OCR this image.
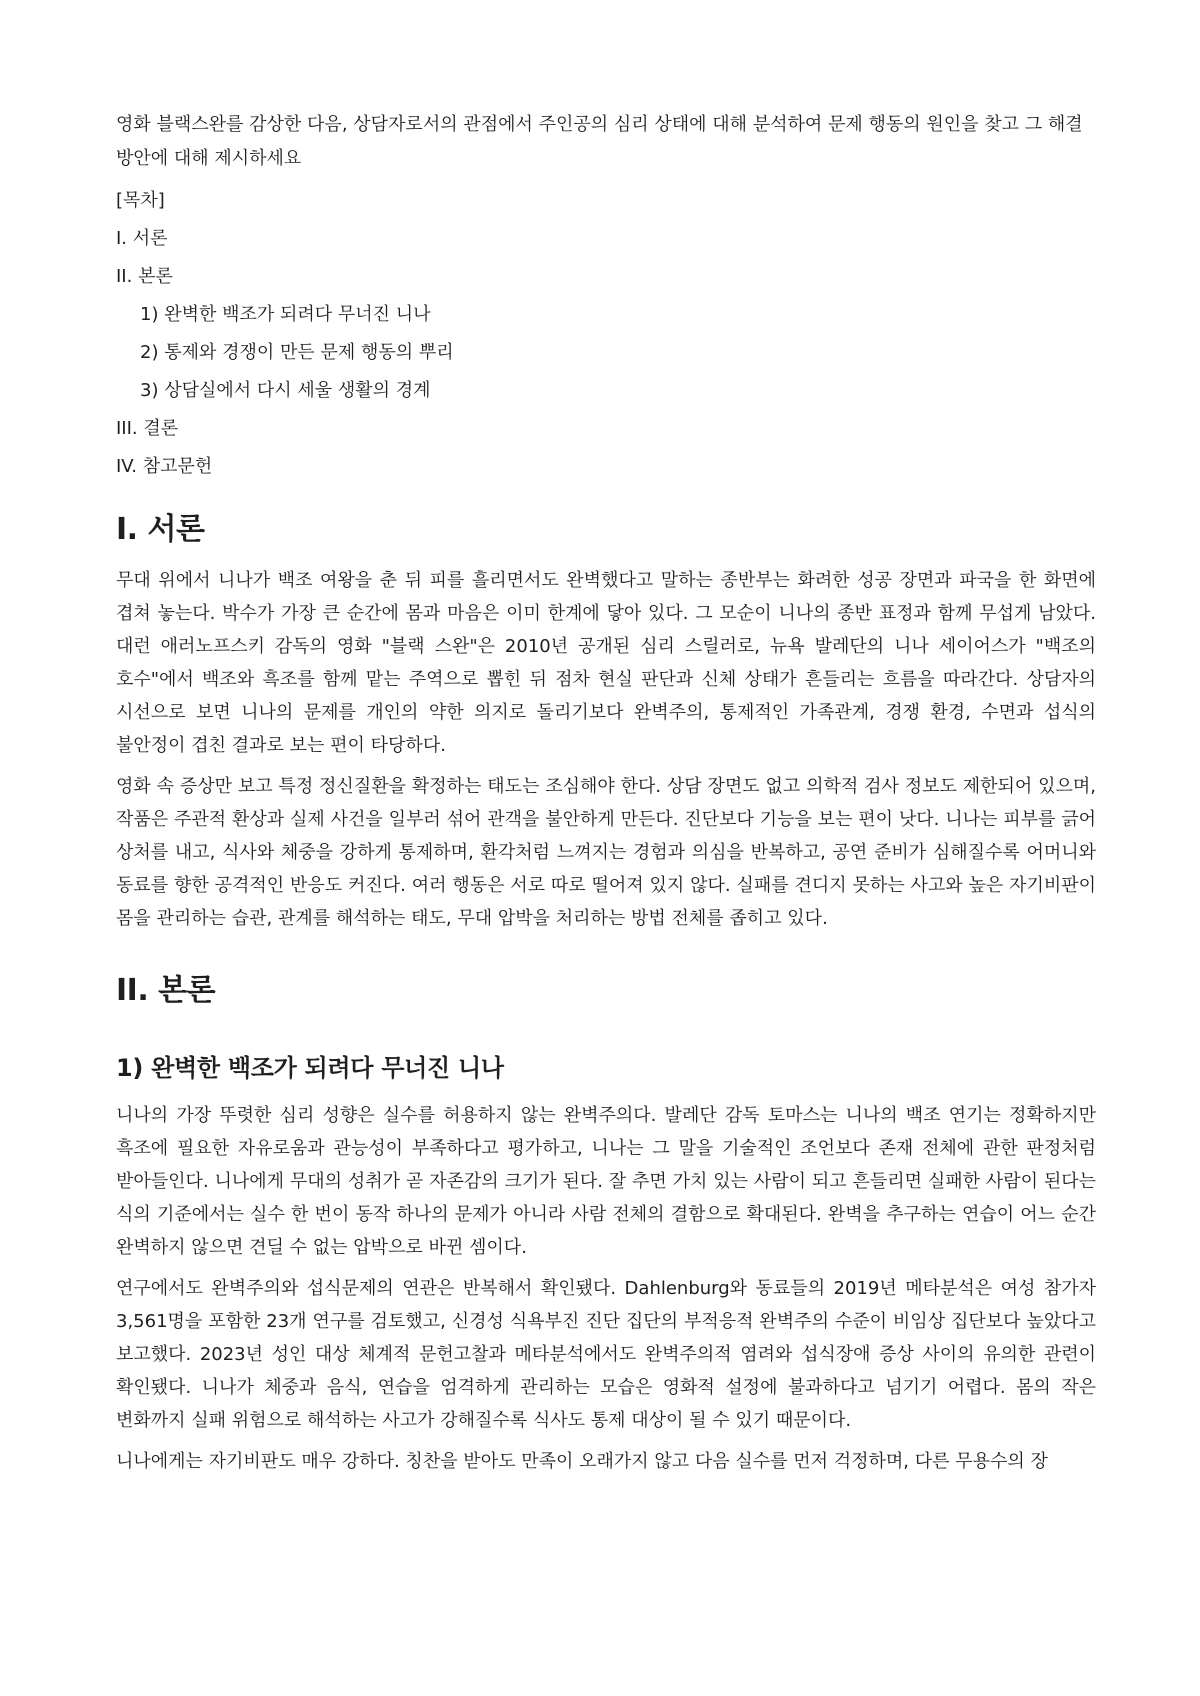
영화 블랙스완를 감상한 다음, 상담자로서의 관점에서 주인공의 심리 상태에 대해 분석하여 문제 행동의 원인을 찾고 그 해결 방안에 대해 제시하세요

[목차]
I. 서론
II. 본론
1) 완벽한 백조가 되려다 무너진 니나
2) 통제와 경쟁이 만든 문제 행동의 뿌리
3) 상담실에서 다시 세울 생활의 경계
III. 결론
IV. 참고문헌
I. 서론

무대 위에서 니나가 백조 여왕을 춘 뒤 피를 흘리면서도 완벽했다고 말하는 종반부는 화려한 성공 장면과 파국을 한 화면에 겹쳐 놓는다. 박수가 가장 큰 순간에 몸과 마음은 이미 한계에 닿아 있다. 그 모순이 니나의 종반 표정과 함께 무섭게 남았다. 대런 애러노프스키 감독의 영화 "블랙 스완"은 2010년 공개된 심리 스릴러로, 뉴욕 발레단의 니나 세이어스가 "백조의 호수"에서 백조와 흑조를 함께 맡는 주역으로 뽑힌 뒤 점차 현실 판단과 신체 상태가 흔들리는 흐름을 따라간다. 상담자의 시선으로 보면 니나의 문제를 개인의 약한 의지로 돌리기보다 완벽주의, 통제적인 가족관계, 경쟁 환경, 수면과 섭식의 불안정이 겹친 결과로 보는 편이 타당하다.

영화 속 증상만 보고 특정 정신질환을 확정하는 태도는 조심해야 한다. 상담 장면도 없고 의학적 검사 정보도 제한되어 있으며, 작품은 주관적 환상과 실제 사건을 일부러 섞어 관객을 불안하게 만든다. 진단보다 기능을 보는 편이 낫다. 니나는 피부를 긁어 상처를 내고, 식사와 체중을 강하게 통제하며, 환각처럼 느껴지는 경험과 의심을 반복하고, 공연 준비가 심해질수록 어머니와 동료를 향한 공격적인 반응도 커진다. 여러 행동은 서로 따로 떨어져 있지 않다. 실패를 견디지 못하는 사고와 높은 자기비판이 몸을 관리하는 습관, 관계를 해석하는 태도, 무대 압박을 처리하는 방법 전체를 좁히고 있다.

II. 본론
1) 완벽한 백조가 되려다 무너진 니나

니나의 가장 뚜렷한 심리 성향은 실수를 허용하지 않는 완벽주의다. 발레단 감독 토마스는 니나의 백조 연기는 정확하지만 흑조에 필요한 자유로움과 관능성이 부족하다고 평가하고, 니나는 그 말을 기술적인 조언보다 존재 전체에 관한 판정처럼 받아들인다. 니나에게 무대의 성취가 곧 자존감의 크기가 된다. 잘 추면 가치 있는 사람이 되고 흔들리면 실패한 사람이 된다는 식의 기준에서는 실수 한 번이 동작 하나의 문제가 아니라 사람 전체의 결함으로 확대된다. 완벽을 추구하는 연습이 어느 순간 완벽하지 않으면 견딜 수 없는 압박으로 바뀐 셈이다.

연구에서도 완벽주의와 섭식문제의 연관은 반복해서 확인됐다. Dahlenburg와 동료들의 2019년 메타분석은 여성 참가자 3,561명을 포함한 23개 연구를 검토했고, 신경성 식욕부진 진단 집단의 부적응적 완벽주의 수준이 비임상 집단보다 높았다고 보고했다. 2023년 성인 대상 체계적 문헌고찰과 메타분석에서도 완벽주의적 염려와 섭식장애 증상 사이의 유의한 관련이 확인됐다. 니나가 체중과 음식, 연습을 엄격하게 관리하는 모습은 영화적 설정에 불과하다고 넘기기 어렵다. 몸의 작은 변화까지 실패 위험으로 해석하는 사고가 강해질수록 식사도 통제 대상이 될 수 있기 때문이다.

니나에게는 자기비판도 매우 강하다. 칭찬을 받아도 만족이 오래가지 않고 다음 실수를 먼저 걱정하며, 다른 무용수의 장
